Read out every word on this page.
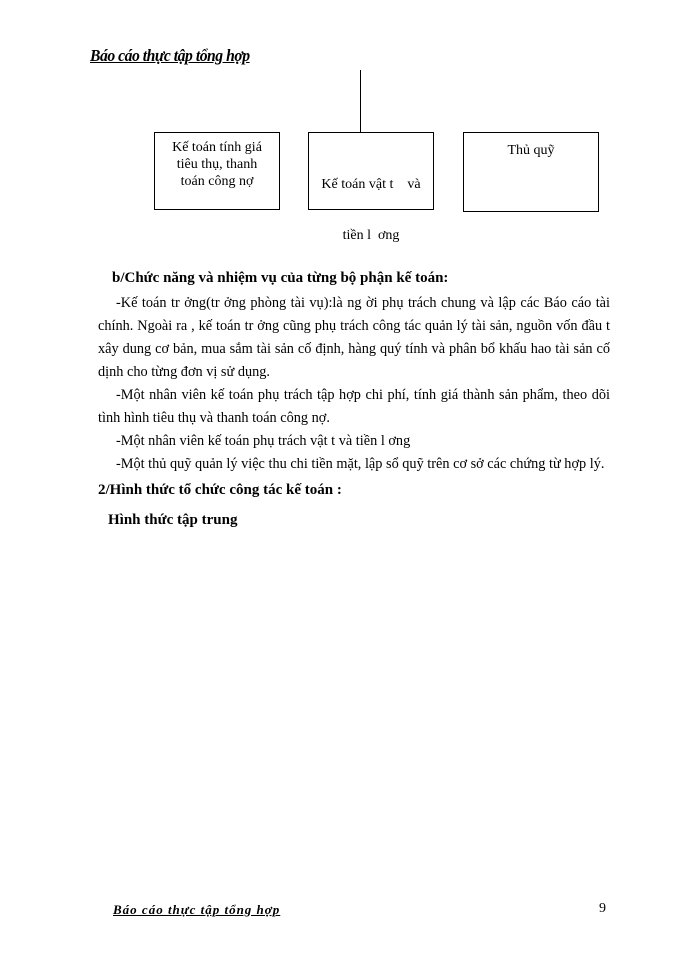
Báo cáo thực tập tổng hợp
Kế toán tính giá
tiêu thụ, thanh
toán công nợ

	Kế toán vật t    và

tiền l  ơng

Thủ quỹ
b/Chức năng và nhiệm vụ của từng bộ phận kế toán:

-Kế toán tr ởng(tr ởng phòng tài vụ):là ng ời phụ trách chung và lập các Báo cáo tài chính. Ngoài ra , kế toán tr ởng cũng phụ trách công tác quản lý tài sản, nguồn vốn đầu t xây dung cơ bản, mua sắm tài sản cố định, hàng quý tính và phân bổ khấu hao tài sản cố dịnh cho từng đơn vị sử dụng.

-Một nhân viên kế toán phụ trách tập hợp chi phí, tính giá thành sản phẩm, theo dõi tình hình tiêu thụ và thanh toán công nợ.

-Một nhân viên kế toán phụ trách vật t và tiền l ơng

-Một thủ quỹ quản lý việc thu chi tiền mặt, lập sổ quỹ trên cơ sở các chứng từ hợp lý.

2/Hình thức tổ chức công tác kế toán :
Hình thức tập trung
Báo cáo thực tập tổng hợp	9
